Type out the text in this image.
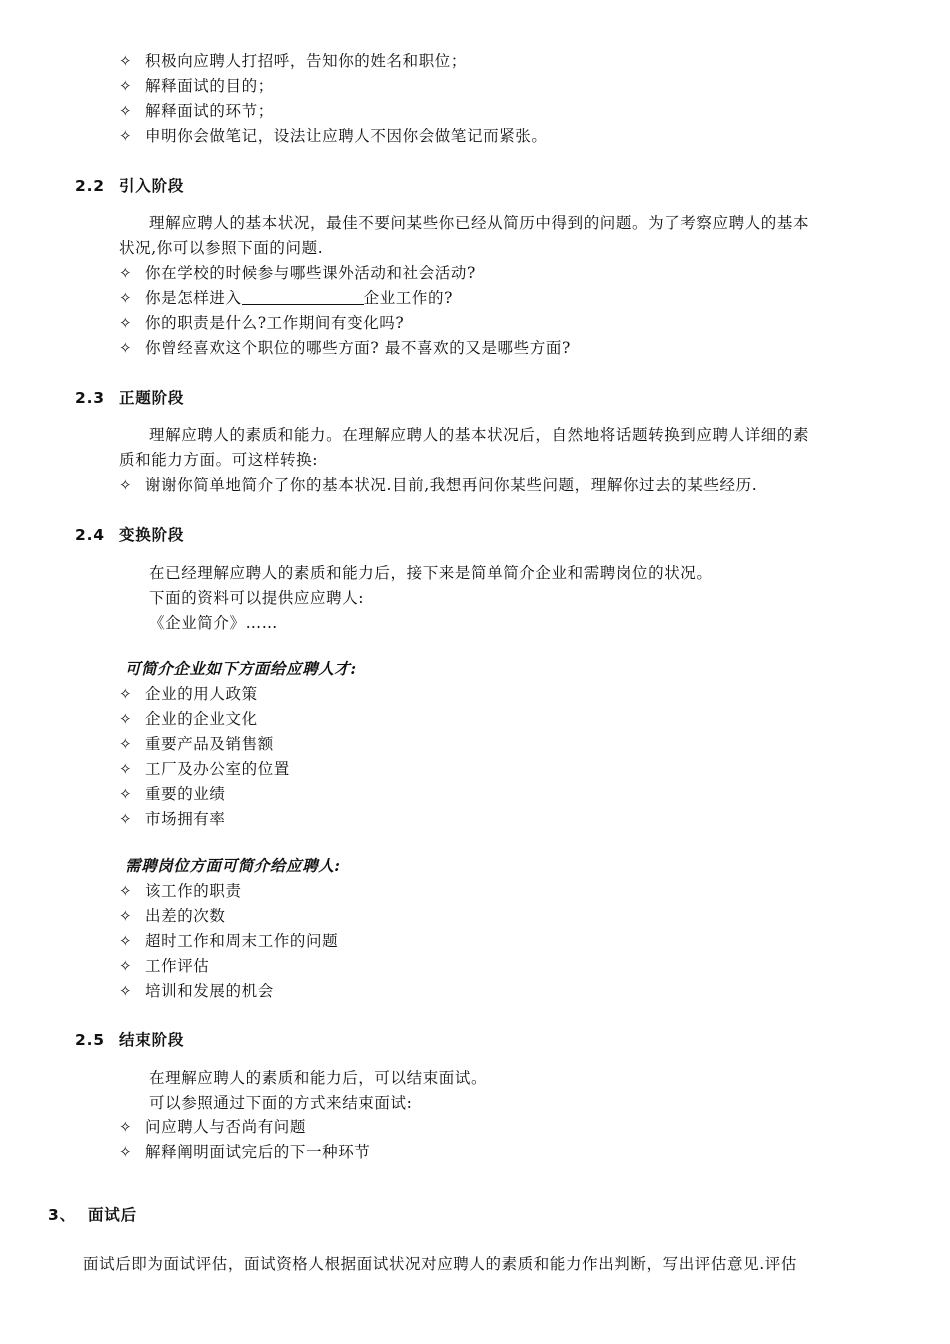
✧ 积极向应聘人打招呼，告知你的姓名和职位；
✧ 解释面试的目的；
✧ 解释面试的环节；
✧ 申明你会做笔记，设法让应聘人不因你会做笔记而紧张。
2.2 引入阶段
理解应聘人的基本状况，最佳不要问某些你已经从简历中得到的问题。为了考察应聘人的基本
状况,你可以参照下面的问题.
✧ 你在学校的时候参与哪些课外活动和社会活动?
✧ 你是怎样进入	企业工作的?
✧ 你的职责是什么?工作期间有变化吗?
✧ 你曾经喜欢这个职位的哪些方面? 最不喜欢的又是哪些方面?
2.3 正题阶段
理解应聘人的素质和能力。在理解应聘人的基本状况后，自然地将话题转换到应聘人详细的素
质和能力方面。可这样转换:
✧ 谢谢你简单地简介了你的基本状况.目前,我想再问你某些问题，理解你过去的某些经历.
2.4 变换阶段
在已经理解应聘人的素质和能力后，接下来是简单简介企业和需聘岗位的状况。
下面的资料可以提供应应聘人:
《企业简介》……
可简介企业如下方面给应聘人才:
✧ 企业的用人政策
✧ 企业的企业文化
✧ 重要产品及销售额
✧ 工厂及办公室的位置
✧ 重要的业绩
✧ 市场拥有率
需聘岗位方面可简介给应聘人:
✧ 该工作的职责
✧ 出差的次数
✧ 超时工作和周末工作的问题
✧ 工作评估
✧ 培训和发展的机会
2.5 结束阶段
在理解应聘人的素质和能力后，可以结束面试。
可以参照通过下面的方式来结束面试:
✧ 问应聘人与否尚有问题
✧ 解释阐明面试完后的下一种环节
3、 面试后
面试后即为面试评估，面试资格人根据面试状况对应聘人的素质和能力作出判断，写出评估意见.评估
